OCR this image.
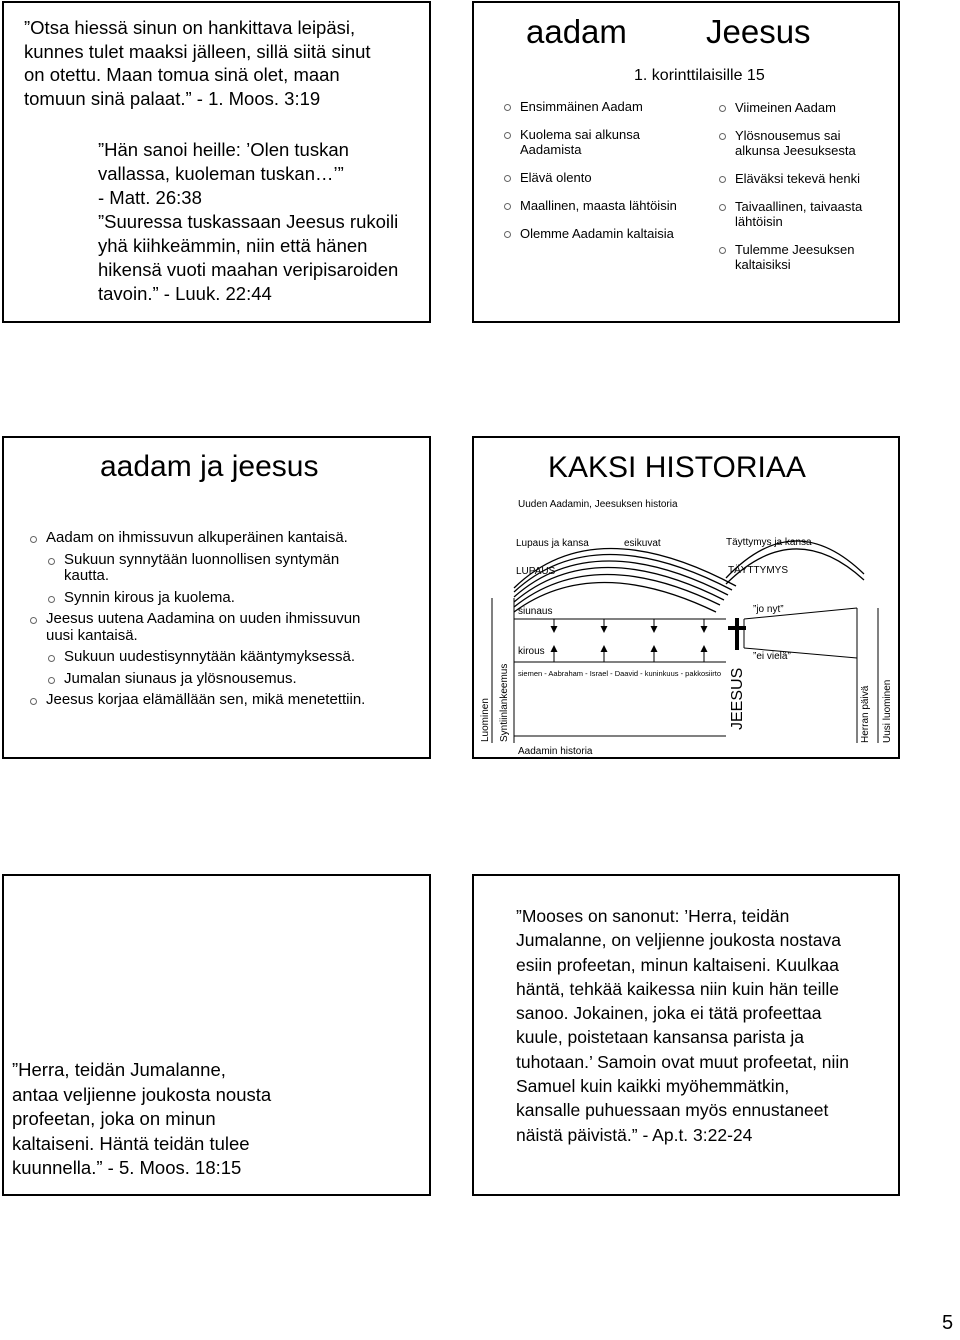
”Otsa hiessä sinun on hankittava leipäsi,
kunnes tulet maaksi jälleen, sillä siitä sinut
on otettu. Maan tomua sinä olet, maan
tomuun sinä palaat.” - 1. Moos. 3:19
”Hän sanoi heille: ’Olen tuskan
vallassa, kuoleman tuskan…’”
- Matt. 26:38
”Suuressa tuskassaan Jeesus rukoili
yhä kiihkeämmin, niin että hänen
hikensä vuoti maahan veripisaroiden
tavoin.” - Luuk. 22:44
aadam Jeesus
1. korinttilaisille 15
Ensimmäinen Aadam
Kuolema sai alkunsa
Aadamista
Elävä olento
Maallinen, maasta lähtöisin
Olemme Aadamin kaltaisia
Viimeinen Aadam
Ylösnousemus sai
alkunsa Jeesuksesta
Eläväksi tekevä henki
Taivaallinen, taivaasta
lähtöisin
Tulemme Jeesuksen
kaltaisiksi
aadam ja jeesus
Aadam on ihmissuvun alkuperäinen kantaisä.
Sukuun synnytään luonnollisen syntymän
kautta.
Synnin kirous ja kuolema.
Jeesus uutena Aadamina on uuden ihmissuvun
uusi kantaisä.
Sukuun uudestisynnytään kääntymyksessä.
Jumalan siunaus ja ylösnousemus.
Jeesus korjaa elämällään sen, mikä menetettiin.
KAKSI HISTORIAA
Uuden Aadamin, Jeesuksen historia
Lupaus ja kansa	esikuvat	Täyttymys ja kansa
LUPAUS	TÄYTTYMYS
siunaus	”jo nyt”
kirous	”ei vielä”
siemen - Aabraham - Israel - Daavid - kuninkuus - pakkosiirto
Aadamin historia
Luominen Syntiinlankeemus	JEESUS	Herran päivä Uusi luominen
”Herra, teidän Jumalanne,
antaa veljienne joukosta nousta
profeetan, joka on minun
kaltaiseni. Häntä teidän tulee
kuunnella.” - 5. Moos. 18:15
”Mooses on sanonut: ’Herra, teidän
Jumalanne, on veljienne joukosta nostava
esiin profeetan, minun kaltaiseni. Kuulkaa
häntä, tehkää kaikessa niin kuin hän teille
sanoo. Jokainen, joka ei tätä profeettaa
kuule, poistetaan kansansa parista ja
tuhotaan.’ Samoin ovat muut profeetat, niin
Samuel kuin kaikki myöhemmätkin,
kansalle puhuessaan myös ennustaneet
näistä päivistä.” - Ap.t. 3:22-24
5
